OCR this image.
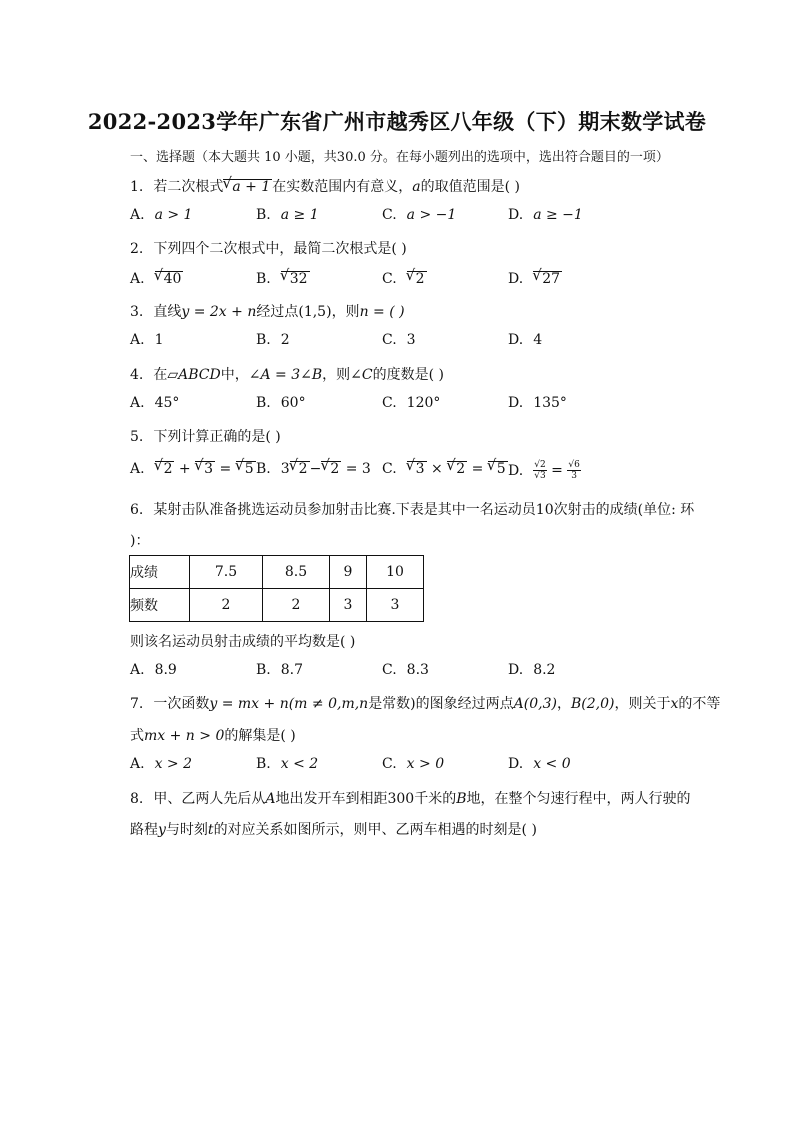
2022-2023学年广东省广州市越秀区八年级（下）期末数学试卷
一、选择题（本大题共 10 小题，共30.0 分。在每小题列出的选项中，选出符合题目的一项）
1. 若二次根式 √ a + 1 在实数范围内有意义，a的取值范围是( )
A. a > 1	B. a ≥ 1	C. a > −1	D. a ≥ −1
2. 下列四个二次根式中，最简二次根式是( )
A. √ 40	B. √ 32	C. √ 2	D. √ 27
3. 直线y = 2x + n经过点(1,5)，则n = ( )
A. 1	B. 2	C. 3	D. 4
4. 在▱ABCD中，∠A = 3∠B，则∠C的度数是( )
A. 45°	B. 60°	C. 120°	D. 135°
5. 下列计算正确的是( )
A. √ 2 + √ 3 = √ 5 B. 3 √ 2 − √ 2 = 3 C. √ 3 × √ 2 = √ 5 D. $\frac{√2}{√3} = \frac{√6}{3}$
6. 某射击队准备挑选运动员参加射击比赛.下表是其中一名运动员10次射击的成绩(单位: 环
)：
成绩	7.5	8.5	9	10
频数	2	2	3	3
则该名运动员射击成绩的平均数是( )
A. 8.9	B. 8.7	C. 8.3	D. 8.2
7. 一次函数y = mx + n(m ≠ 0,m,n是常数)的图象经过两点A(0,3)，B(2,0)，则关于x的不等
式mx + n > 0的解集是( )
A. x > 2	B. x < 2	C. x > 0	D. x < 0
8. 甲、乙两人先后从A地出发开车到相距300千米的B地，在整个匀速行程中，两人行驶的
路程y与时刻t的对应关系如图所示，则甲、乙两车相遇的时刻是( )
